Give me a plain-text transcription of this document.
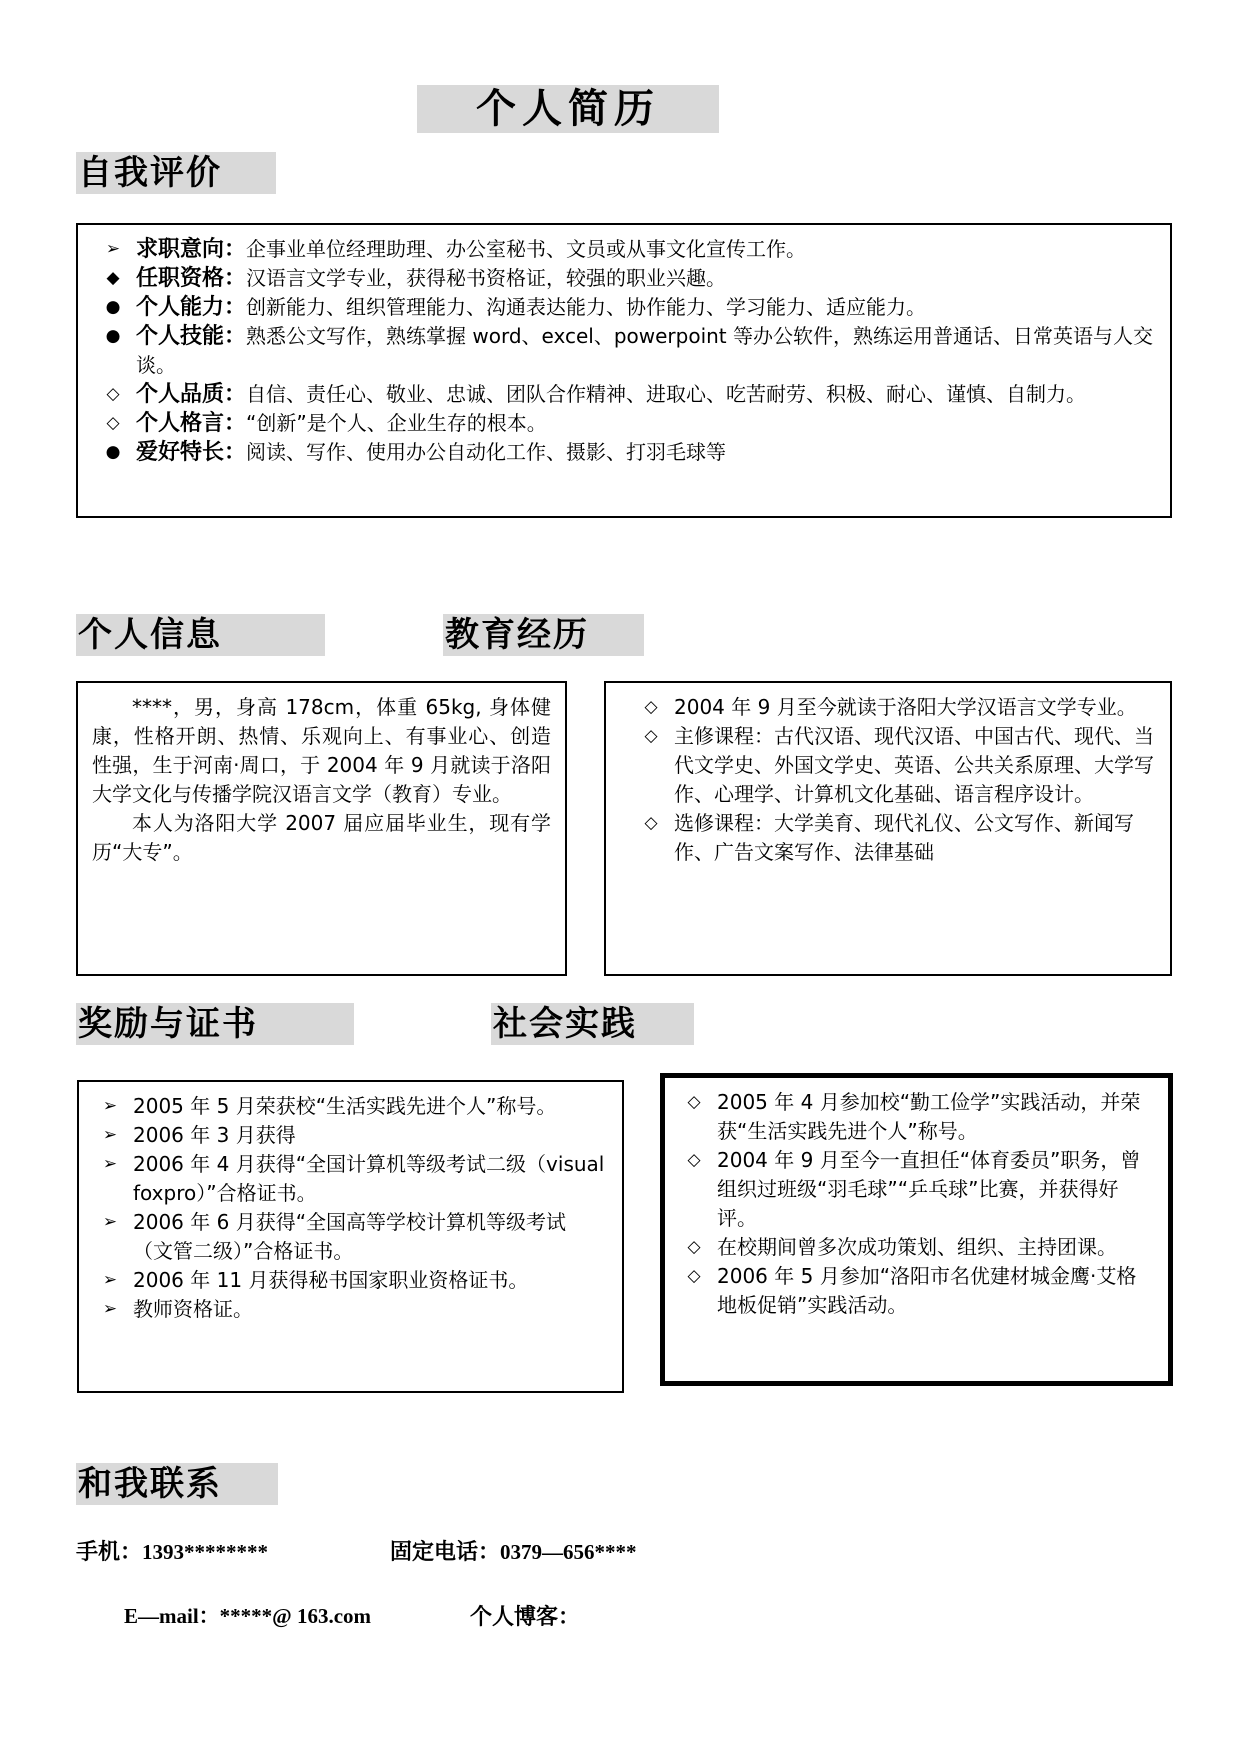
个人简历
自我评价
➢ 求职意向：企事业单位经理助理、办公室秘书、文员或从事文化宣传工作。
◆ 任职资格：汉语言文学专业，获得秘书资格证，较强的职业兴趣。
● 个人能力：创新能力、组织管理能力、沟通表达能力、协作能力、学习能力、适应能力。
● 个人技能：熟悉公文写作，熟练掌握 word、excel、powerpoint 等办公软件，熟练运用普通话、日常英语与人交谈。
◇ 个人品质：自信、责任心、敬业、忠诚、团队合作精神、进取心、吃苦耐劳、积极、耐心、谨慎、自制力。
◇ 个人格言：“创新”是个人、企业生存的根本。
● 爱好特长：阅读、写作、使用办公自动化工作、摄影、打羽毛球等
个人信息	教育经历
****，男，身高 178cm，体重 65kg, 身体健康，性格开朗、热情、乐观向上、有事业心、创造性强，生于河南·周口，于 2004 年 9 月就读于洛阳大学文化与传播学院汉语言文学（教育）专业。
本人为洛阳大学 2007 届应届毕业生，现有学历“大专”。
◇ 2004 年 9 月至今就读于洛阳大学汉语言文学专业。
◇ 主修课程：古代汉语、现代汉语、中国古代、现代、当代文学史、外国文学史、英语、公共关系原理、大学写作、心理学、计算机文化基础、语言程序设计。
◇ 选修课程：大学美育、现代礼仪、公文写作、新闻写作、广告文案写作、法律基础
奖励与证书	社会实践
➢ 2005 年 5 月荣获校“生活实践先进个人”称号。
➢ 2006 年 3 月获得
➢ 2006 年 4 月获得“全国计算机等级考试二级（visual foxpro）”合格证书。
➢ 2006 年 6 月获得“全国高等学校计算机等级考试（文管二级）”合格证书。
➢ 2006 年 11 月获得秘书国家职业资格证书。
➢ 教师资格证。
◇ 2005 年 4 月参加校“勤工俭学”实践活动，并荣获“生活实践先进个人”称号。
◇ 2004 年 9 月至今一直担任“体育委员”职务，曾组织过班级“羽毛球”“乒乓球”比赛，并获得好评。
◇ 在校期间曾多次成功策划、组织、主持团课。
◇ 2006 年 5 月参加“洛阳市名优建材城金鹰·艾格地板促销”实践活动。
和我联系
手机：1393********	固定电话：0379—656****
E—mail：*****@ 163.com	个人博客：
